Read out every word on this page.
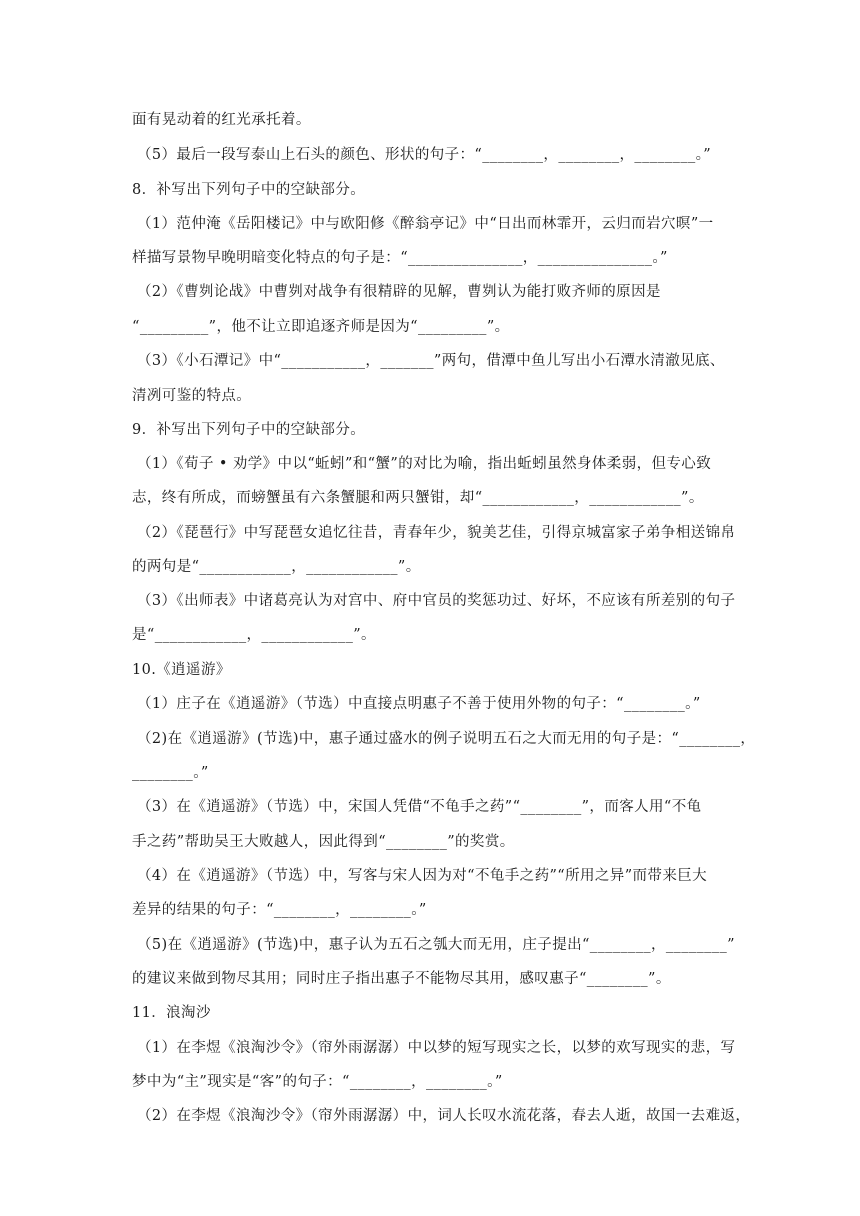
面有晃动着的红光承托着。
（5）最后一段写泰山上石头的颜色、形状的句子：“________，________，________。”
8．补写出下列句子中的空缺部分。
（1）范仲淹《岳阳楼记》中与欧阳修《醉翁亭记》中“日出而林霏开，云归而岩穴暝”一
样描写景物早晚明暗变化特点的句子是：“_______________，_______________。”
（2）《曹刿论战》中曹刿对战争有很精辟的见解，曹刿认为能打败齐师的原因是
“_________”，他不让立即追逐齐师是因为“_________”。
（3）《小石潭记》中“___________，_______”两句，借潭中鱼儿写出小石潭水清澈见底、
清冽可鉴的特点。
9．补写出下列句子中的空缺部分。
（1）《荀子 • 劝学》中以“蚯蚓”和“蟹”的对比为喻，指出蚯蚓虽然身体柔弱，但专心致
志，终有所成，而螃蟹虽有六条蟹腿和两只蟹钳，却“____________，____________”。
（2）《琵琶行》中写琵琶女追忆往昔，青春年少，貌美艺佳，引得京城富家子弟争相送锦帛
的两句是“____________，____________”。
（3）《出师表》中诸葛亮认为对宫中、府中官员的奖惩功过、好坏，不应该有所差别的句子
是“____________，____________”。
10.《逍遥游》
（1）庄子在《逍遥游》（节选）中直接点明惠子不善于使用外物的句子：“________。”
（2)在《逍遥游》(节选)中，惠子通过盛水的例子说明五石之大而无用的句子是：“________，
________。”
（3）在《逍遥游》（节选）中，宋国人凭借“不龟手之药”“________”，而客人用“不龟
手之药”帮助吴王大败越人，因此得到“________”的奖赏。
（4）在《逍遥游》（节选）中，写客与宋人因为对“不龟手之药”“所用之异”而带来巨大
差异的结果的句子：“________，________。”
（5)在《逍遥游》(节选)中，惠子认为五石之瓠大而无用，庄子提出“________，________”
的建议来做到物尽其用；同时庄子指出惠子不能物尽其用，感叹惠子“________”。
11．浪淘沙
（1）在李煜《浪淘沙令》（帘外雨潺潺）中以梦的短写现实之长，以梦的欢写现实的悲，写
梦中为“主”现实是“客”的句子：“________，________。”
（2）在李煜《浪淘沙令》（帘外雨潺潺）中，词人长叹水流花落，春去人逝，故国一去难返，
